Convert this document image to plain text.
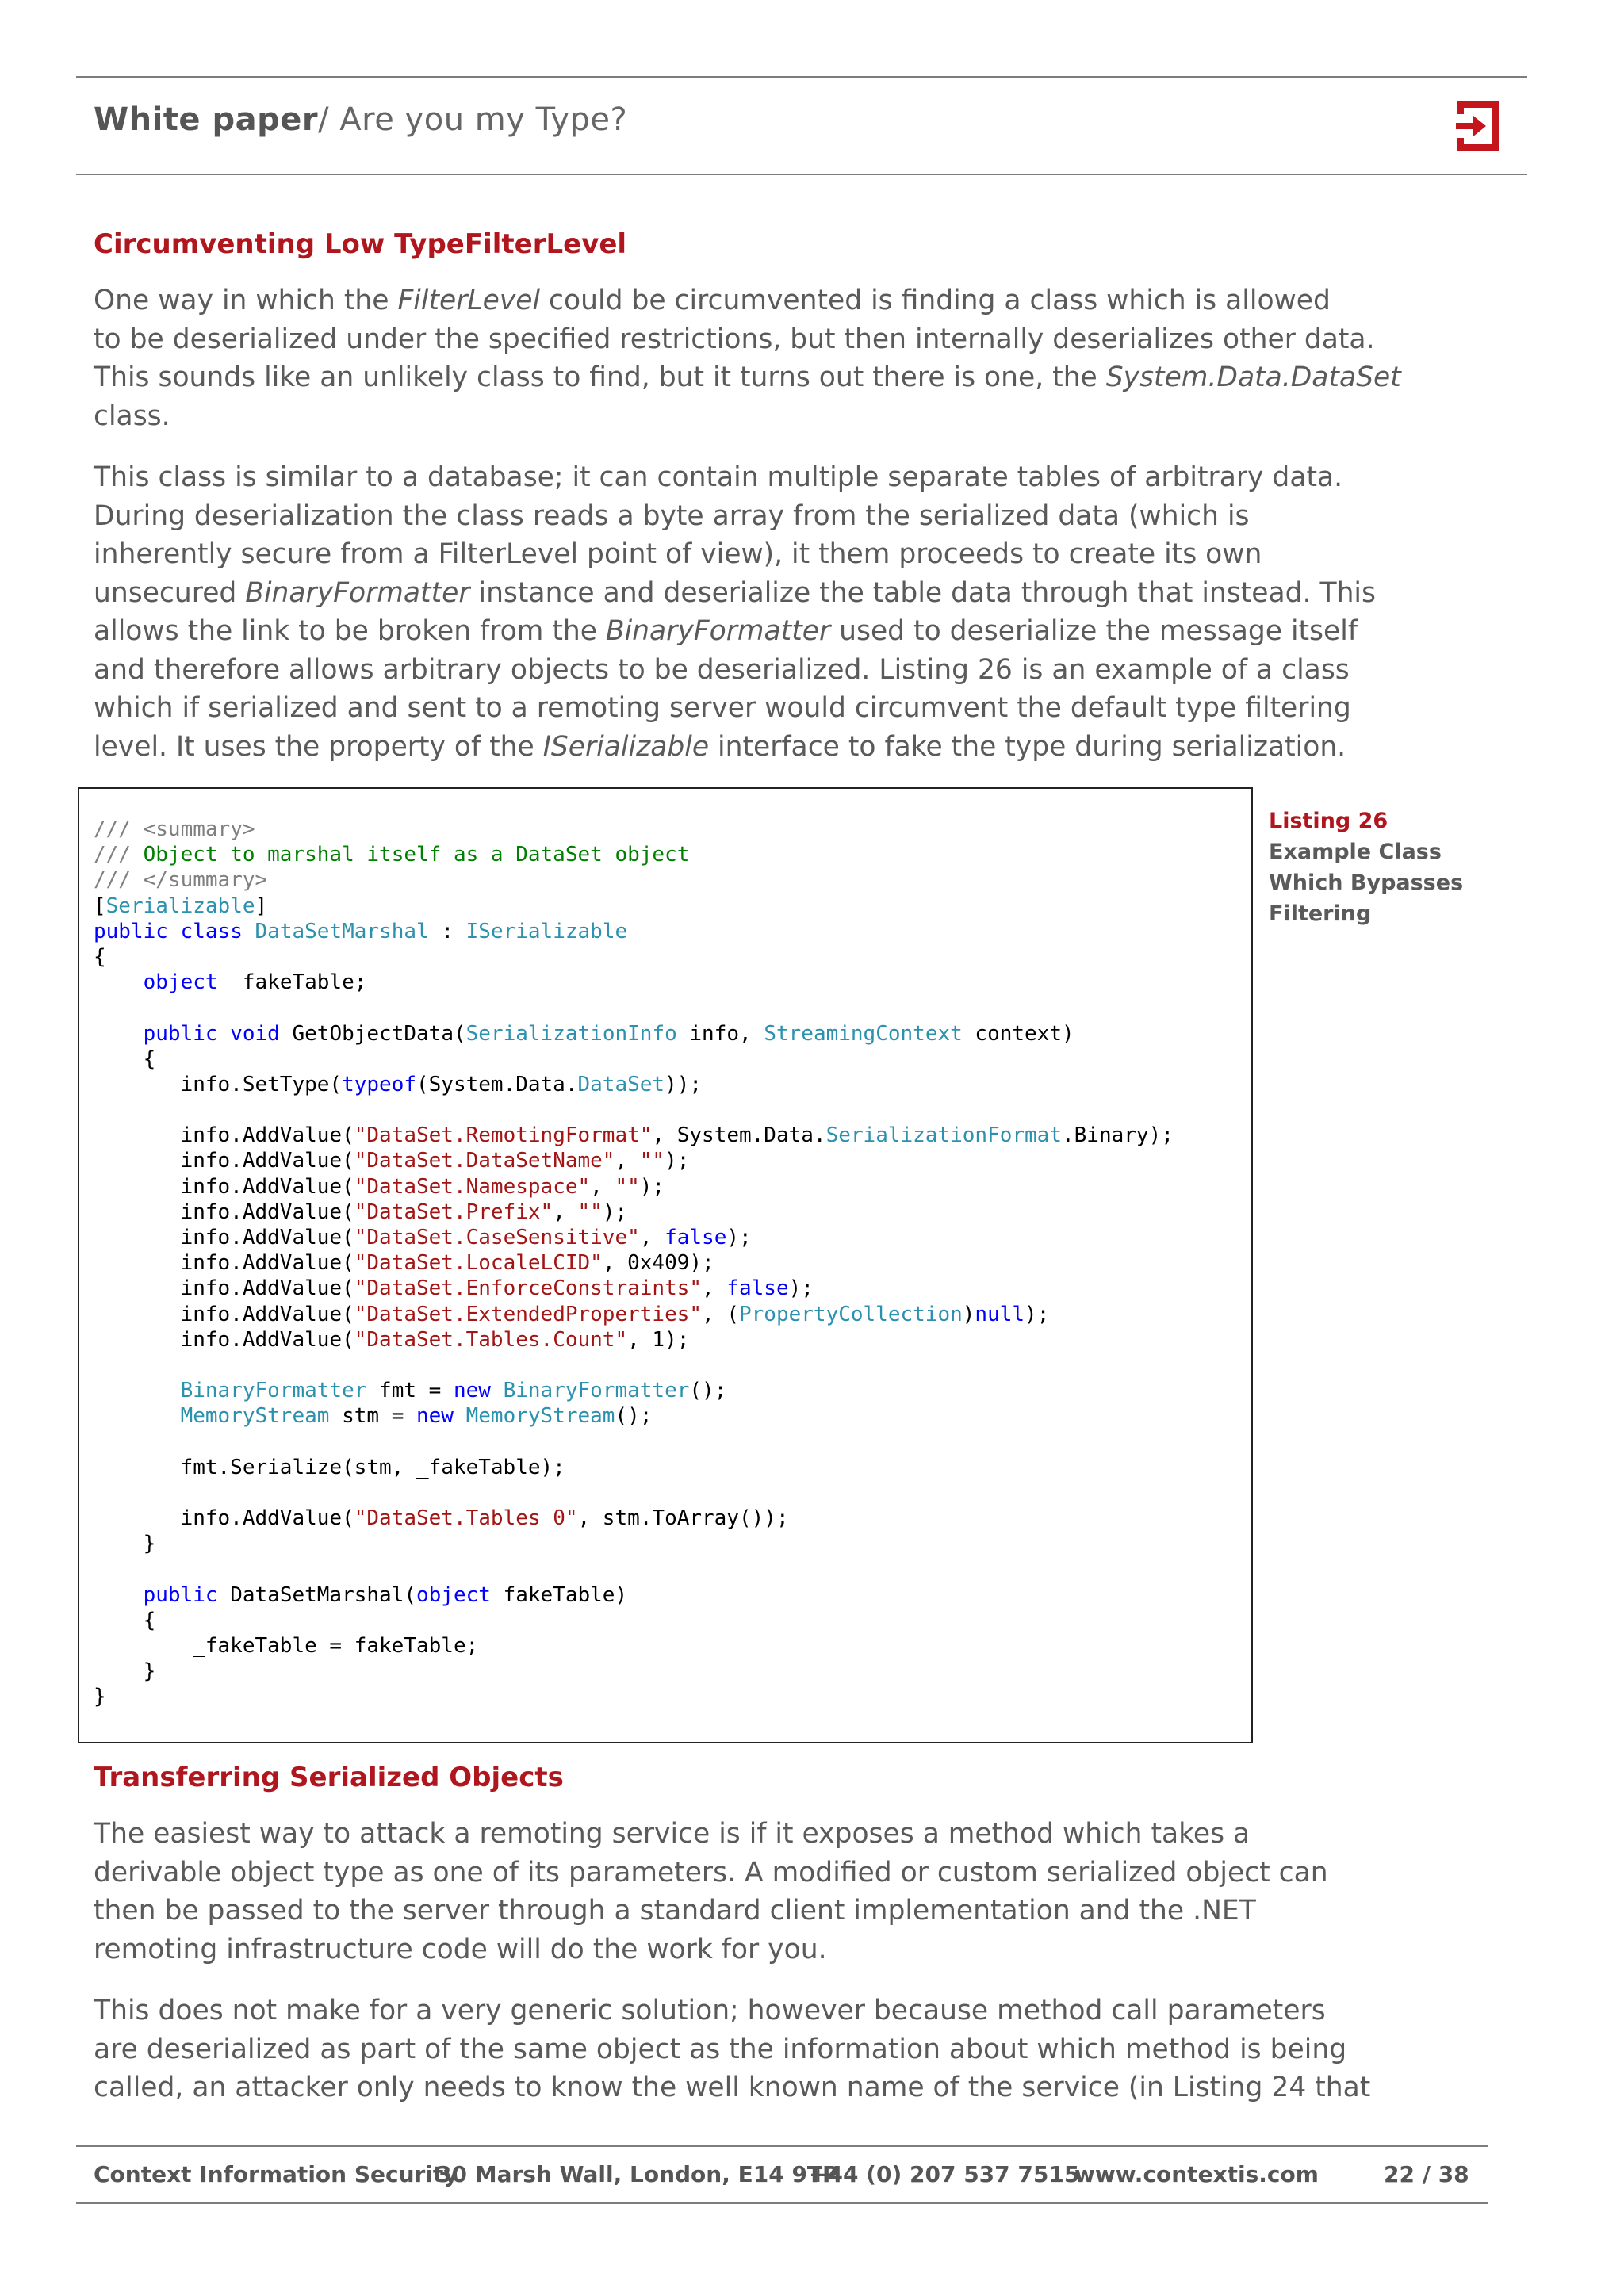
White paper/ Are you my Type?
Circumventing Low TypeFilterLevel
One way in which the FilterLevel could be circumvented is finding a class which is allowed
to be deserialized under the specified restrictions, but then internally deserializes other data.
This sounds like an unlikely class to find, but it turns out there is one, the System.Data.DataSet
class.
This class is similar to a database; it can contain multiple separate tables of arbitrary data.
During deserialization the class reads a byte array from the serialized data (which is
inherently secure from a FilterLevel point of view), it them proceeds to create its own
unsecured BinaryFormatter instance and deserialize the table data through that instead. This
allows the link to be broken from the BinaryFormatter used to deserialize the message itself
and therefore allows arbitrary objects to be deserialized. Listing 26 is an example of a class
which if serialized and sent to a remoting server would circumvent the default type filtering
level. It uses the property of the ISerializable interface to fake the type during serialization.
/// <summary>
/// Object to marshal itself as a DataSet object
/// </summary>
[Serializable]
public class DataSetMarshal : ISerializable
{
object _fakeTable;
public void GetObjectData(SerializationInfo info, StreamingContext context)
{
info.SetType(typeof(System.Data.DataSet));
info.AddValue("DataSet.RemotingFormat", System.Data.SerializationFormat.Binary);
info.AddValue("DataSet.DataSetName", "");
info.AddValue("DataSet.Namespace", "");
info.AddValue("DataSet.Prefix", "");
info.AddValue("DataSet.CaseSensitive", false);
info.AddValue("DataSet.LocaleLCID", 0x409);
info.AddValue("DataSet.EnforceConstraints", false);
info.AddValue("DataSet.ExtendedProperties", (PropertyCollection)null);
info.AddValue("DataSet.Tables.Count", 1);
BinaryFormatter fmt = new BinaryFormatter();
MemoryStream stm = new MemoryStream();
fmt.Serialize(stm, _fakeTable);
info.AddValue("DataSet.Tables_0", stm.ToArray());
}
public DataSetMarshal(object fakeTable)
{
_fakeTable = fakeTable;
}
}
Listing 26
Example Class
Which Bypasses
Filtering
Transferring Serialized Objects
The easiest way to attack a remoting service is if it exposes a method which takes a
derivable object type as one of its parameters. A modified or custom serialized object can
then be passed to the server through a standard client implementation and the .NET
remoting infrastructure code will do the work for you.
This does not make for a very generic solution; however because method call parameters
are deserialized as part of the same object as the information about which method is being
called, an attacker only needs to know the well known name of the service (in Listing 24 that
Context Information Security
30 Marsh Wall, London, E14 9TP
+44 (0) 207 537 7515
www.contextis.com	22 / 38
